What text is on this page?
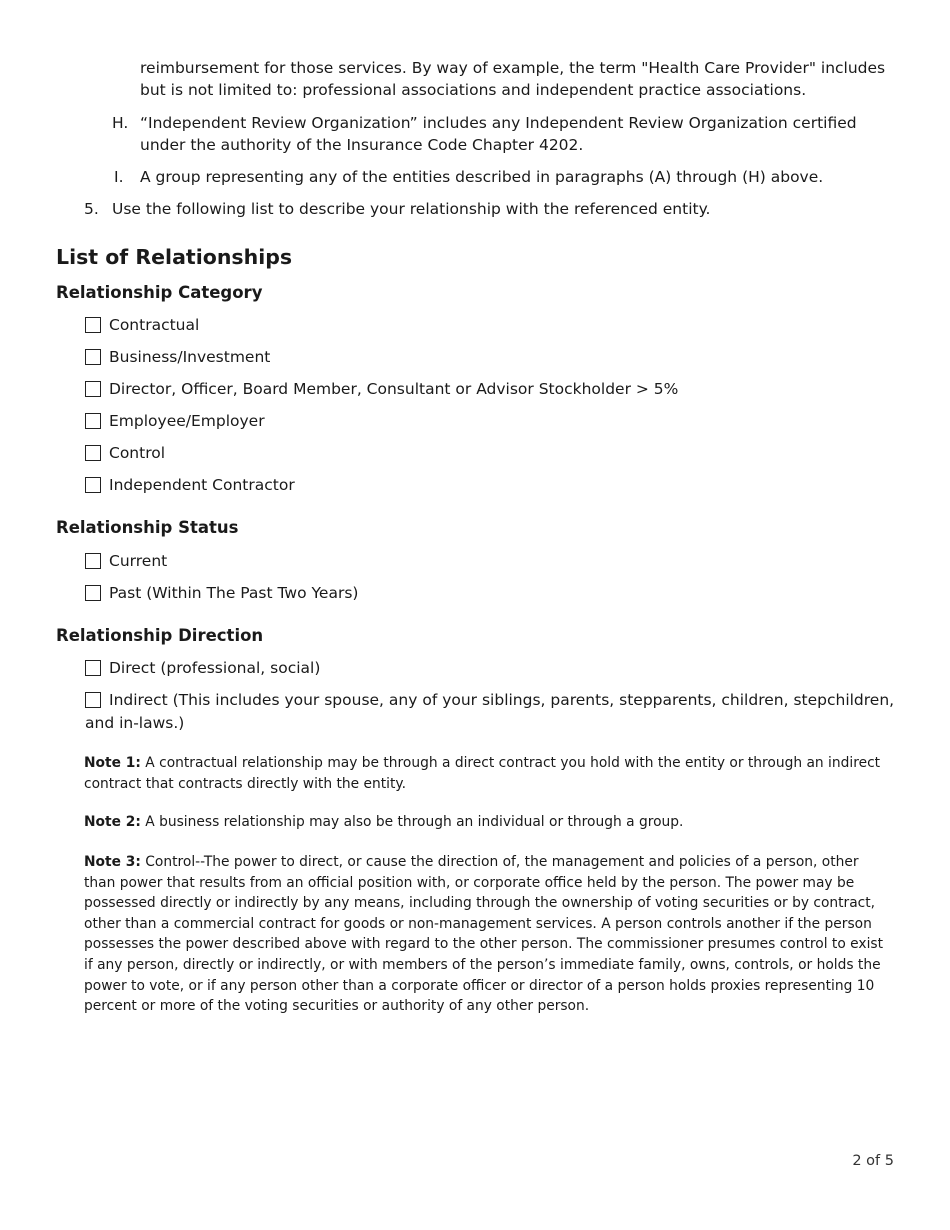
reimbursement for those services. By way of example, the term "Health Care Provider" includes but is not limited to: professional associations and independent practice associations.
H. “Independent Review Organization” includes any Independent Review Organization certified under the authority of the Insurance Code Chapter 4202.
I. A group representing any of the entities described in paragraphs (A) through (H) above.
5. Use the following list to describe your relationship with the referenced entity.
List of Relationships
Relationship Category
Contractual
Business/Investment
Director, Officer, Board Member, Consultant or Advisor Stockholder > 5%
Employee/Employer
Control
Independent Contractor
Relationship Status
Current
Past (Within The Past Two Years)
Relationship Direction
Direct (professional, social)
Indirect (This includes your spouse, any of your siblings, parents, stepparents, children, stepchildren, and in-laws.)
Note 1: A contractual relationship may be through a direct contract you hold with the entity or through an indirect contract that contracts directly with the entity.
Note 2: A business relationship may also be through an individual or through a group.
Note 3: Control--The power to direct, or cause the direction of, the management and policies of a person, other than power that results from an official position with, or corporate office held by the person. The power may be possessed directly or indirectly by any means, including through the ownership of voting securities or by contract, other than a commercial contract for goods or non-management services. A person controls another if the person possesses the power described above with regard to the other person. The commissioner presumes control to exist if any person, directly or indirectly, or with members of the person’s immediate family, owns, controls, or holds the power to vote, or if any person other than a corporate officer or director of a person holds proxies representing 10 percent or more of the voting securities or authority of any other person.
2 of 5
